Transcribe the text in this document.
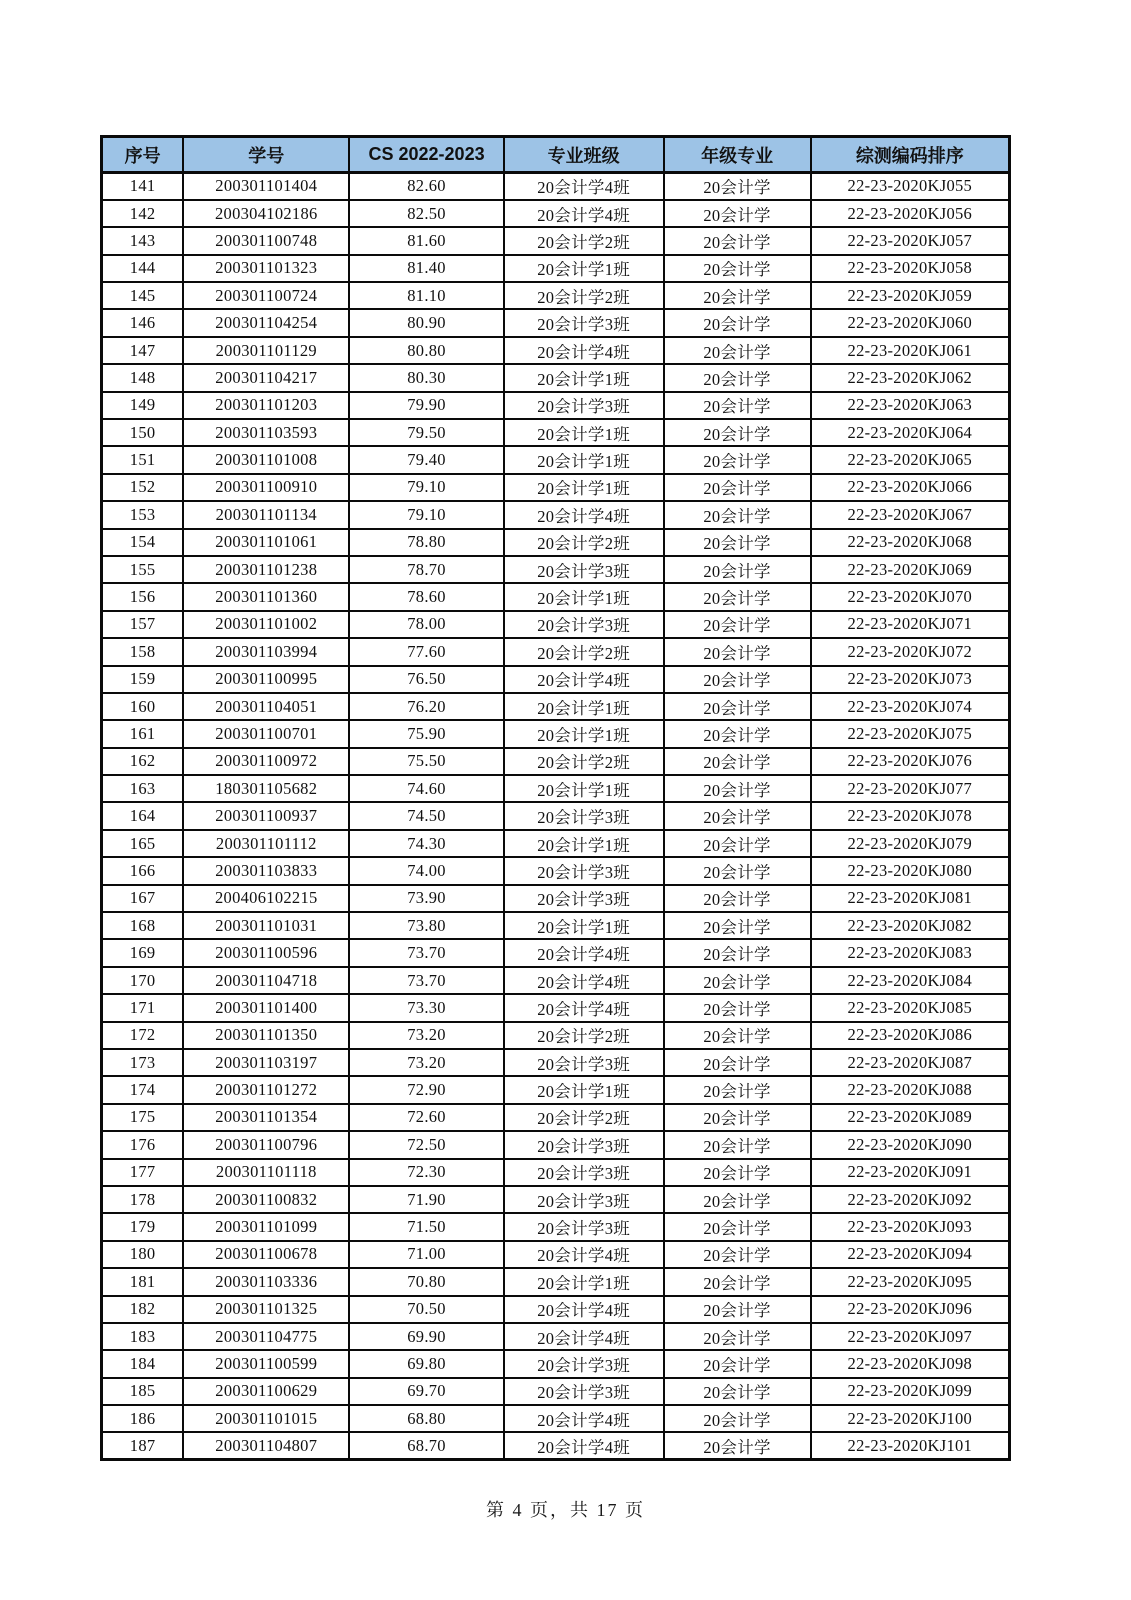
序号	学号	CS 2022-2023	专业班级	年级专业	综测编码排序
141	200301101404	82.60	20会计学4班	20会计学	22-23-2020KJ055
142	200304102186	82.50	20会计学4班	20会计学	22-23-2020KJ056
143	200301100748	81.60	20会计学2班	20会计学	22-23-2020KJ057
144	200301101323	81.40	20会计学1班	20会计学	22-23-2020KJ058
145	200301100724	81.10	20会计学2班	20会计学	22-23-2020KJ059
146	200301104254	80.90	20会计学3班	20会计学	22-23-2020KJ060
147	200301101129	80.80	20会计学4班	20会计学	22-23-2020KJ061
148	200301104217	80.30	20会计学1班	20会计学	22-23-2020KJ062
149	200301101203	79.90	20会计学3班	20会计学	22-23-2020KJ063
150	200301103593	79.50	20会计学1班	20会计学	22-23-2020KJ064
151	200301101008	79.40	20会计学1班	20会计学	22-23-2020KJ065
152	200301100910	79.10	20会计学1班	20会计学	22-23-2020KJ066
153	200301101134	79.10	20会计学4班	20会计学	22-23-2020KJ067
154	200301101061	78.80	20会计学2班	20会计学	22-23-2020KJ068
155	200301101238	78.70	20会计学3班	20会计学	22-23-2020KJ069
156	200301101360	78.60	20会计学1班	20会计学	22-23-2020KJ070
157	200301101002	78.00	20会计学3班	20会计学	22-23-2020KJ071
158	200301103994	77.60	20会计学2班	20会计学	22-23-2020KJ072
159	200301100995	76.50	20会计学4班	20会计学	22-23-2020KJ073
160	200301104051	76.20	20会计学1班	20会计学	22-23-2020KJ074
161	200301100701	75.90	20会计学1班	20会计学	22-23-2020KJ075
162	200301100972	75.50	20会计学2班	20会计学	22-23-2020KJ076
163	180301105682	74.60	20会计学1班	20会计学	22-23-2020KJ077
164	200301100937	74.50	20会计学3班	20会计学	22-23-2020KJ078
165	200301101112	74.30	20会计学1班	20会计学	22-23-2020KJ079
166	200301103833	74.00	20会计学3班	20会计学	22-23-2020KJ080
167	200406102215	73.90	20会计学3班	20会计学	22-23-2020KJ081
168	200301101031	73.80	20会计学1班	20会计学	22-23-2020KJ082
169	200301100596	73.70	20会计学4班	20会计学	22-23-2020KJ083
170	200301104718	73.70	20会计学4班	20会计学	22-23-2020KJ084
171	200301101400	73.30	20会计学4班	20会计学	22-23-2020KJ085
172	200301101350	73.20	20会计学2班	20会计学	22-23-2020KJ086
173	200301103197	73.20	20会计学3班	20会计学	22-23-2020KJ087
174	200301101272	72.90	20会计学1班	20会计学	22-23-2020KJ088
175	200301101354	72.60	20会计学2班	20会计学	22-23-2020KJ089
176	200301100796	72.50	20会计学3班	20会计学	22-23-2020KJ090
177	200301101118	72.30	20会计学3班	20会计学	22-23-2020KJ091
178	200301100832	71.90	20会计学3班	20会计学	22-23-2020KJ092
179	200301101099	71.50	20会计学3班	20会计学	22-23-2020KJ093
180	200301100678	71.00	20会计学4班	20会计学	22-23-2020KJ094
181	200301103336	70.80	20会计学1班	20会计学	22-23-2020KJ095
182	200301101325	70.50	20会计学4班	20会计学	22-23-2020KJ096
183	200301104775	69.90	20会计学4班	20会计学	22-23-2020KJ097
184	200301100599	69.80	20会计学3班	20会计学	22-23-2020KJ098
185	200301100629	69.70	20会计学3班	20会计学	22-23-2020KJ099
186	200301101015	68.80	20会计学4班	20会计学	22-23-2020KJ100
187	200301104807	68.70	20会计学4班	20会计学	22-23-2020KJ101
第 4 页，共 17 页
